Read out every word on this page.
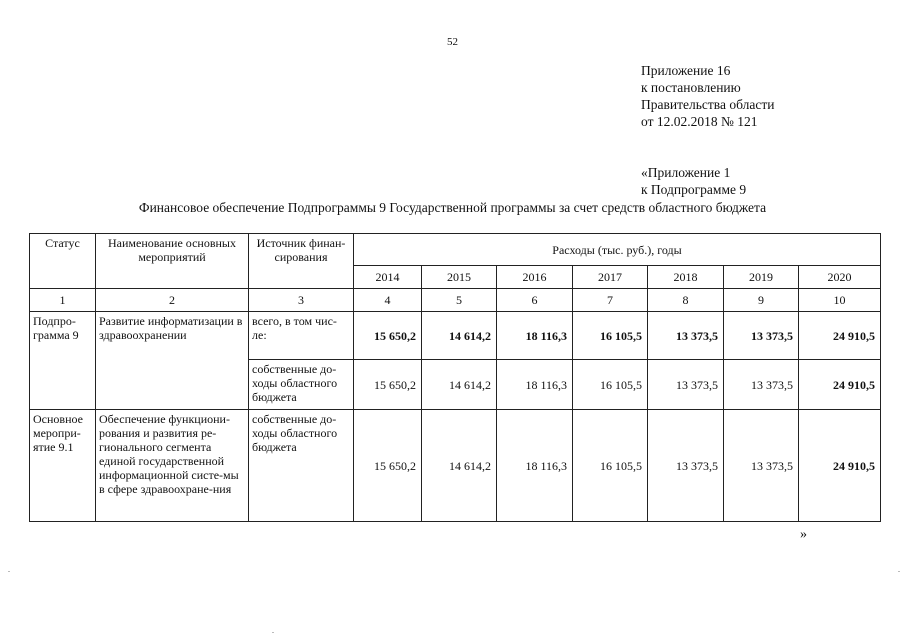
52
Приложение 16
к постановлению
Правительства области
от 12.02.2018 № 121
«Приложение 1
к Подпрограмме 9
Финансовое обеспечение Подпрограммы 9 Государственной программы за счет средств областного бюджета
Статус	Наименование основных мероприятий	Источник финан-сирования	Расходы (тыс. руб.), годы						
			2014	2015	2016	2017	2018	2019	2020
1	2	3	4	5	6	7	8	9	10
Подпро-грамма 9	Развитие информатизации в здравоохранении	всего, в том чис-ле:	15 650,2	14 614,2	18 116,3	16 105,5	13 373,5	13 373,5	24 910,5
		собственные до-ходы областного бюджета	15 650,2	14 614,2	18 116,3	16 105,5	13 373,5	13 373,5	24 910,5
Основное меропри-ятие 9.1	Обеспечение функциони-рования и развития ре-гионального сегмента единой государственной информационной систе-мы в сфере здравоохране-ния	собственные до-ходы областного бюджета	15 650,2	14 614,2	18 116,3	16 105,5	13 373,5	13 373,5	24 910,5
»
